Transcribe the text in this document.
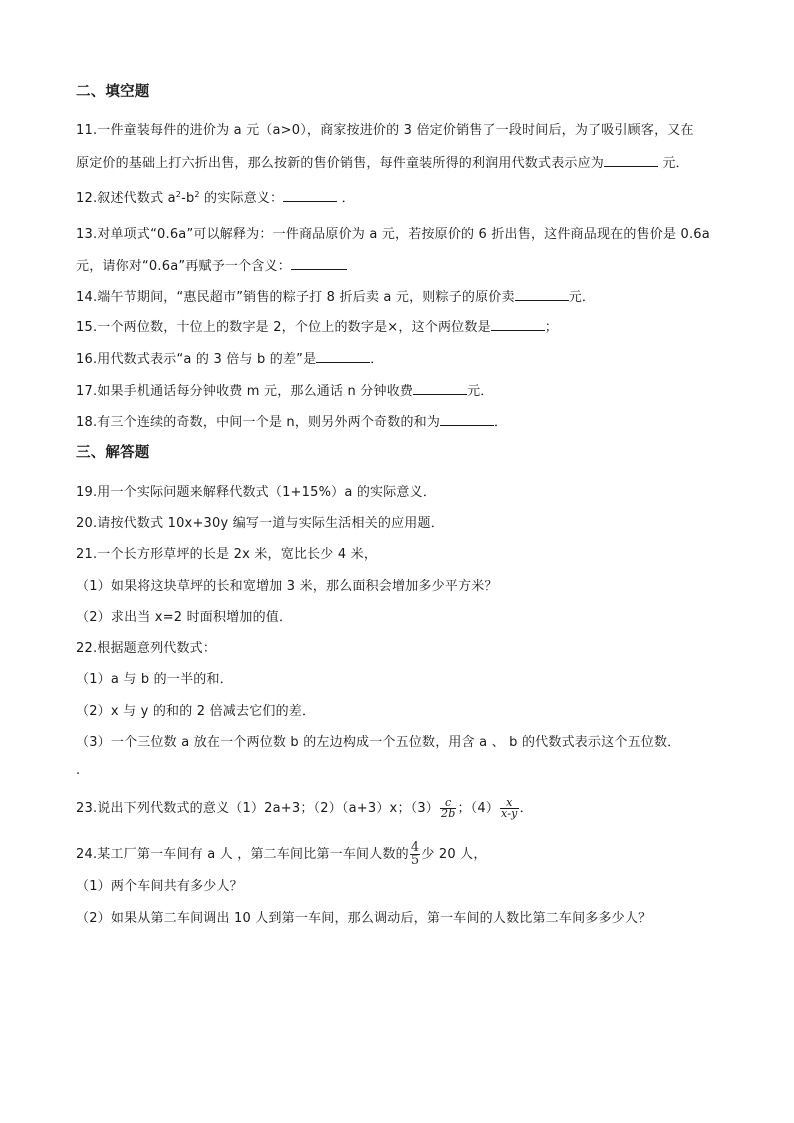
二、填空题
11.一件童装每件的进价为 a 元（a>0），商家按进价的 3 倍定价销售了一段时间后，为了吸引顾客，又在
原定价的基础上打六折出售，那么按新的售价销售，每件童装所得的利润用代数式表示应为	元．
12.叙述代数式 $a^2-b^2$ 的实际意义：	．
13.对单项式“0.6a”可以解释为：一件商品原价为 a 元，若按原价的 6 折出售，这件商品现在的售价是 0.6a
元，请你对“0.6a”再赋予一个含义：
14.端午节期间，“惠民超市”销售的粽子打 8 折后卖 a 元，则粽子的原价卖	元．
15.一个两位数，十位上的数字是 2，个位上的数字是×，这个两位数是	；
16.用代数式表示“a 的 3 倍与 b 的差”是	．
17.如果手机通话每分钟收费 m 元，那么通话 n 分钟收费	元．
18.有三个连续的奇数，中间一个是 n，则另外两个奇数的和为	．
三、解答题
19.用一个实际问题来解释代数式（1+15%）a 的实际意义．
20.请按代数式 10x+30y 编写一道与实际生活相关的应用题．
21.一个长方形草坪的长是 2x 米，宽比长少 4 米，
（1）如果将这块草坪的长和宽增加 3 米，那么面积会增加多少平方米？
（2）求出当 x=2 时面积增加的值．
22.根据题意列代数式：
（1）a 与 b 的一半的和．
（2）x 与 y 的和的 2 倍减去它们的差．
（3）一个三位数 a 放在一个两位数 b 的左边构成一个五位数，用含 a 、 b 的代数式表示这个五位数．
.
23.说出下列代数式的意义（1）2a+3；（2）（a+3）x；$(3) \frac{c}{2b}$ ；$(4) \frac{x}{x-y}$ ．
24.某工厂第一车间有 a 人 ，第二车间比第一车间人数的 $\frac{4}{5}$ 少 20 人，
（1）两个车间共有多少人？
（2）如果从第二车间调出 10 人到第一车间，那么调动后，第一车间的人数比第二车间多多少人？
